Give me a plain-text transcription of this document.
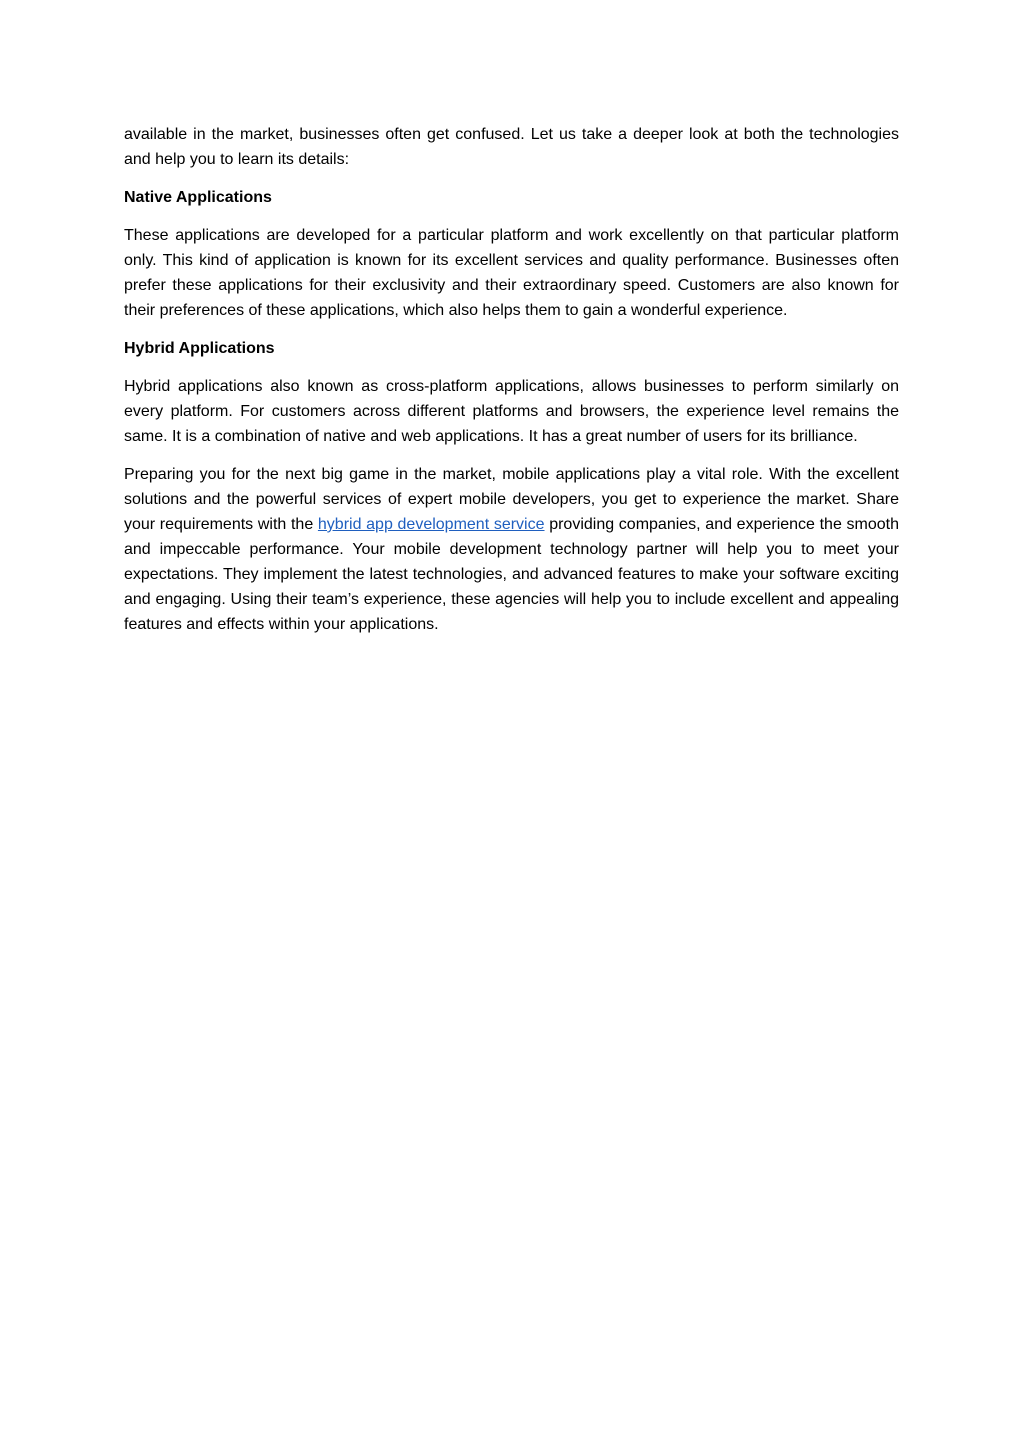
available in the market, businesses often get confused. Let us take a deeper look at both the technologies and help you to learn its details:

Native Applications

These applications are developed for a particular platform and work excellently on that particular platform only. This kind of application is known for its excellent services and quality performance. Businesses often prefer these applications for their exclusivity and their extraordinary speed. Customers are also known for their preferences of these applications, which also helps them to gain a wonderful experience.

Hybrid Applications

Hybrid applications also known as cross-platform applications, allows businesses to perform similarly on every platform. For customers across different platforms and browsers, the experience level remains the same. It is a combination of native and web applications. It has a great number of users for its brilliance.

Preparing you for the next big game in the market, mobile applications play a vital role. With the excellent solutions and the powerful services of expert mobile developers, you get to experience the market. Share your requirements with the hybrid app development service providing companies, and experience the smooth and impeccable performance. Your mobile development technology partner will help you to meet your expectations. They implement the latest technologies, and advanced features to make your software exciting and engaging. Using their team’s experience, these agencies will help you to include excellent and appealing features and effects within your applications.
